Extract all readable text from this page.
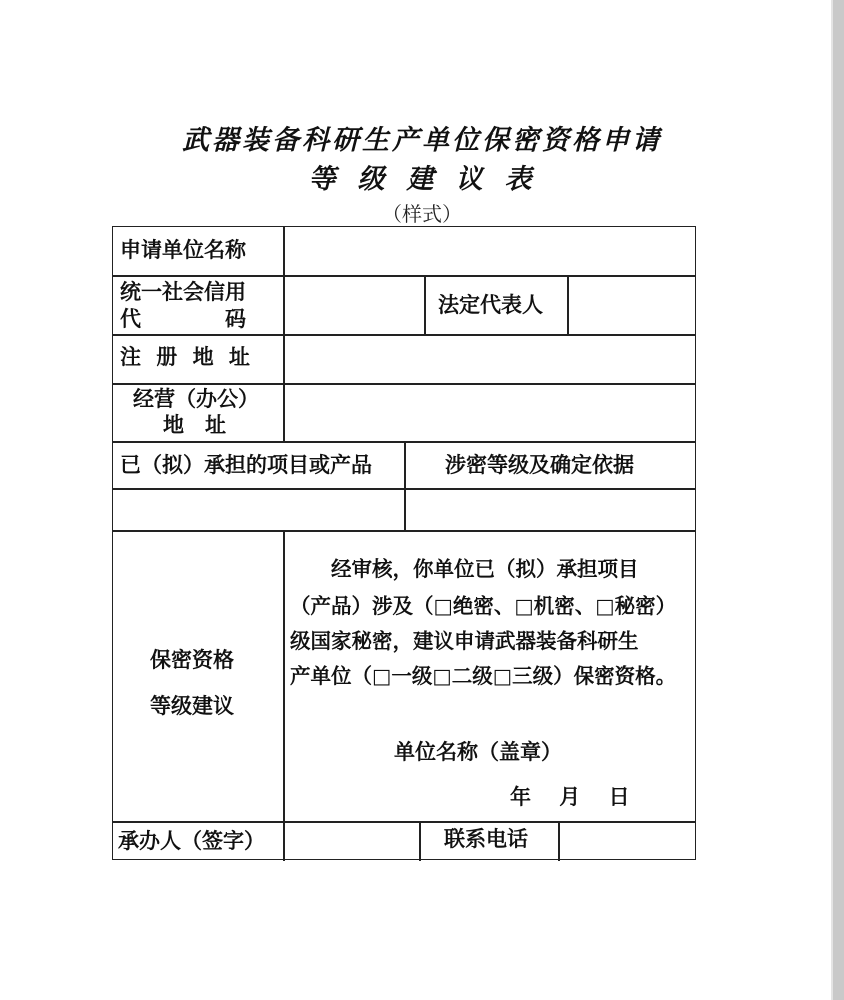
武器装备科研生产单位保密资格申请
等级建议表
（样式）
申请单位名称
统一社会信用
代　　　　码
法定代表人
注 册 地 址
经营（办公）
地　址
已（拟）承担的项目或产品	涉密等级及确定依据
保密资格
等级建议
　　经审核，你单位已（拟）承担项目
（产品）涉及（□绝密、□机密、□秘密）
级国家秘密，建议申请武器装备科研生
产单位（□一级□二级□三级）保密资格。
单位名称（盖章）
年　 月　 日
承办人（签字）	联系电话
